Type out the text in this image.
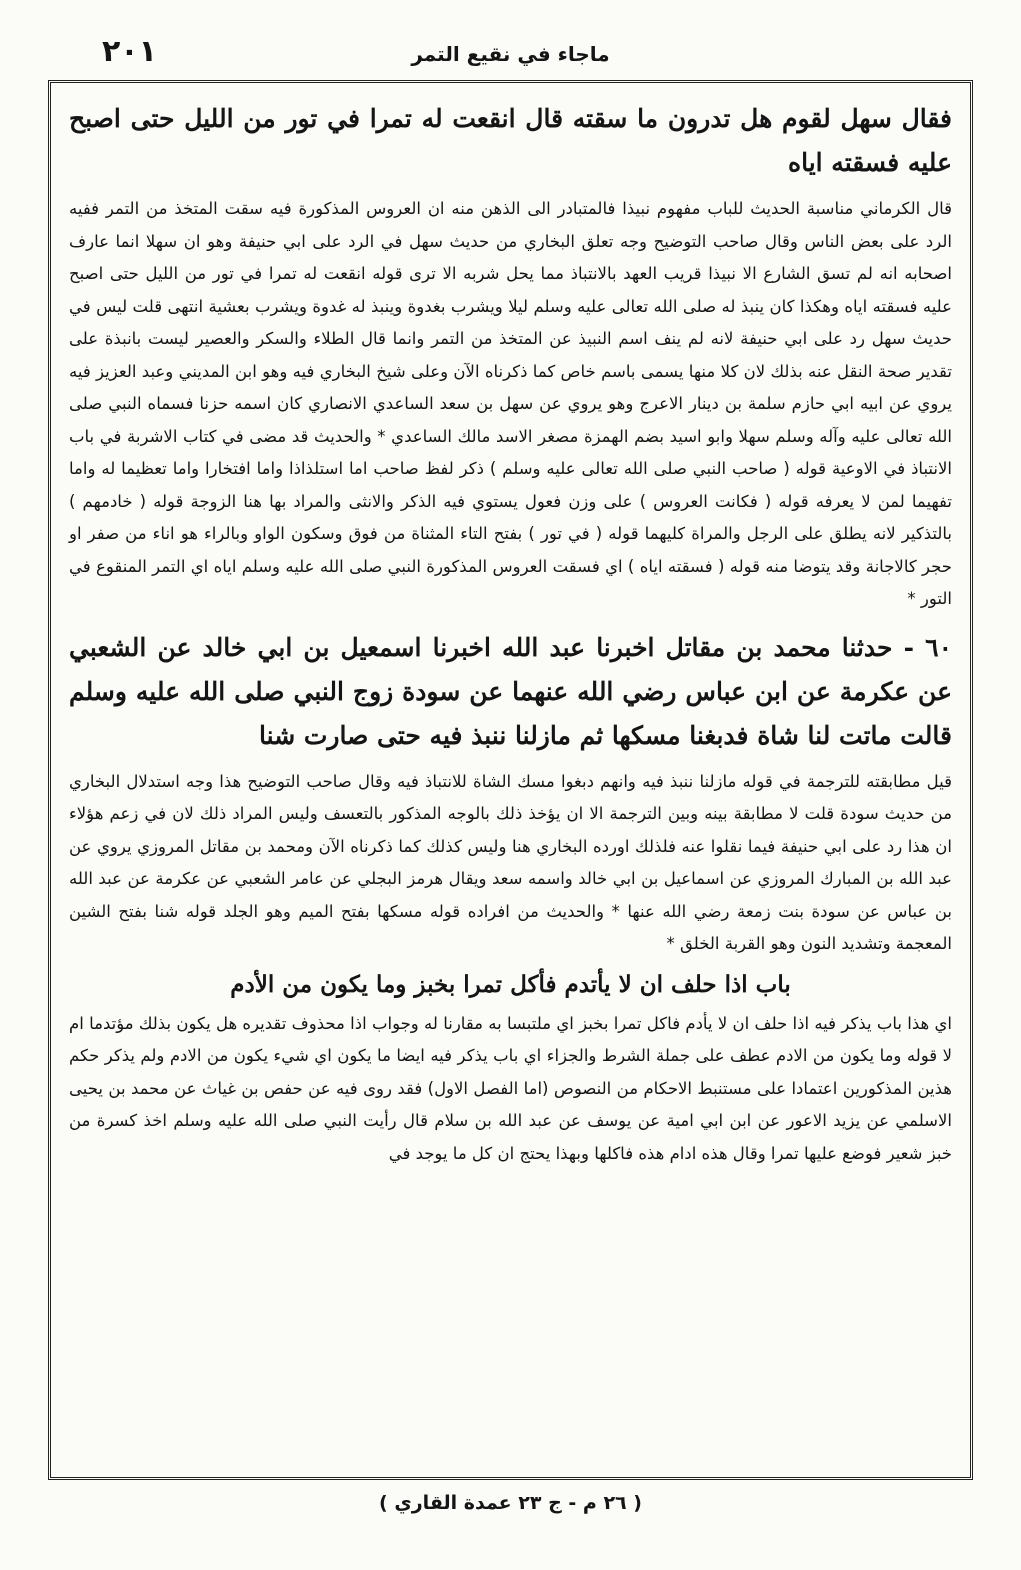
٢٠١	ماجاء في نقيع التمر

فقال سهل لقوم هل تدرون ما سقته قال انقعت له تمرا في تور من الليل حتى اصبح عليه فسقته اياه

قال الكرماني مناسبة الحديث للباب مفهوم نبيذا فالمتبادر الى الذهن منه ان العروس المذكورة فيه سقت المتخذ من التمر ففيه الرد على بعض الناس وقال صاحب التوضيح وجه تعلق البخاري من حديث سهل في الرد على ابي حنيفة وهو ان سهلا انما عارف اصحابه انه لم تسق الشارع الا نبيذا قريب العهد بالانتباذ مما يحل شربه الا ترى قوله انقعت له تمرا في تور من الليل حتى اصبح عليه فسقته اياه وهكذا كان ينبذ له صلى الله تعالى عليه وسلم ليلا ويشرب بغدوة وينبذ له غدوة ويشرب بعشية انتهى قلت ليس في حديث سهل رد على ابي حنيفة لانه لم ينف اسم النبيذ عن المتخذ من التمر وانما قال الطلاء والسكر والعصير ليست بانبذة على تقدير صحة النقل عنه بذلك لان كلا منها يسمى باسم خاص كما ذكرناه الآن وعلى شيخ البخاري فيه وهو ابن المديني وعبد العزيز فيه يروي عن ابيه ابي حازم سلمة بن دينار الاعرج وهو يروي عن سهل بن سعد الساعدي الانصاري كان اسمه حزنا فسماه النبي صلى الله تعالى عليه وآله وسلم سهلا وابو اسيد بضم الهمزة مصغر الاسد مالك الساعدي * والحديث قد مضى في كتاب الاشربة في باب الانتباذ في الاوعية قوله ( صاحب النبي صلى الله تعالى عليه وسلم ) ذكر لفظ صاحب اما استلذاذا واما افتخارا واما تعظيما له واما تفهيما لمن لا يعرفه قوله ( فكانت العروس ) على وزن فعول يستوي فيه الذكر والانثى والمراد بها هنا الزوجة قوله ( خادمهم ) بالتذكير لانه يطلق على الرجل والمراة كليهما قوله ( في تور ) بفتح التاء المثناة من فوق وسكون الواو وبالراء هو اناء من صفر او حجر كالاجانة وقد يتوضا منه قوله ( فسقته اياه ) اي فسقت العروس المذكورة النبي صلى الله عليه وسلم اياه اي التمر المنقوع في التور *

٦٠ - حدثنا محمد بن مقاتل اخبرنا عبد الله اخبرنا اسمعيل بن ابي خالد عن الشعبي عن عكرمة عن ابن عباس رضي الله عنهما عن سودة زوج النبي صلى الله عليه وسلم قالت ماتت لنا شاة فدبغنا مسكها ثم مازلنا ننبذ فيه حتى صارت شنا

قيل مطابقته للترجمة في قوله مازلنا ننبذ فيه وانهم دبغوا مسك الشاة للانتباذ فيه وقال صاحب التوضيح هذا وجه استدلال البخاري من حديث سودة قلت لا مطابقة بينه وبين الترجمة الا ان يؤخذ ذلك بالوجه المذكور بالتعسف وليس المراد ذلك لان في زعم هؤلاء ان هذا رد على ابي حنيفة فيما نقلوا عنه فلذلك اورده البخاري هنا وليس كذلك كما ذكرناه الآن ومحمد بن مقاتل المروزي يروي عن عبد الله بن المبارك المروزي عن اسماعيل بن ابي خالد واسمه سعد ويقال هرمز البجلي عن عامر الشعبي عن عكرمة عن عبد الله بن عباس عن سودة بنت زمعة رضي الله عنها * والحديث من افراده قوله مسكها بفتح الميم وهو الجلد قوله شنا بفتح الشين المعجمة وتشديد النون وهو القربة الخلق *

باب اذا حلف ان لا يأتدم فأكل تمرا بخبز وما يكون من الأدم

اي هذا باب يذكر فيه اذا حلف ان لا يأدم فاكل تمرا بخبز اي ملتبسا به مقارنا له وجواب اذا محذوف تقديره هل يكون بذلك مؤتدما ام لا قوله وما يكون من الادم عطف على جملة الشرط والجزاء اي باب يذكر فيه ايضا ما يكون اي شيء يكون من الادم ولم يذكر حكم هذين المذكورين اعتمادا على مستنبط الاحكام من النصوص (اما الفصل الاول) فقد روى فيه عن حفص بن غياث عن محمد بن يحيى الاسلمي عن يزيد الاعور عن ابن ابي امية عن يوسف عن عبد الله بن سلام قال رأيت النبي صلى الله عليه وسلم اخذ كسرة من خبز شعير فوضع عليها تمرا وقال هذه ادام هذه فاكلها وبهذا يحتج ان كل ما يوجد في

( ٢٦ م - ج ٢٣ عمدة القاري )
